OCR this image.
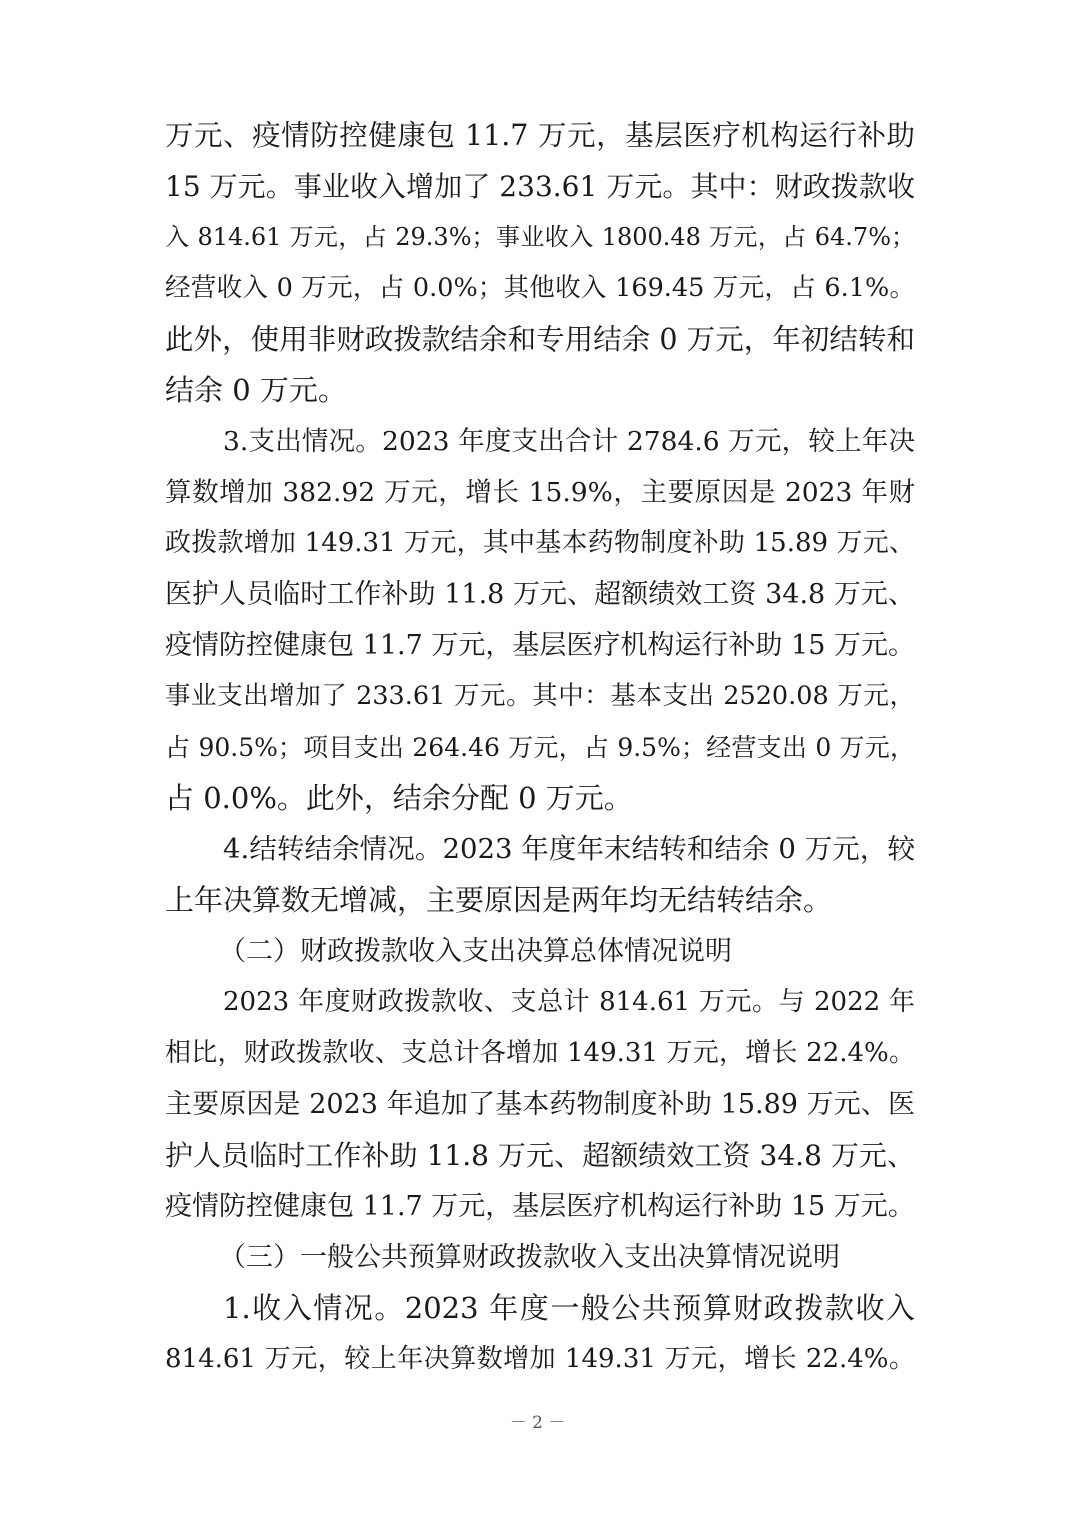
万元、疫情防控健康包 11.7 万元，基层医疗机构运行补助
15 万元。事业收入增加了 233.61 万元。其中：财政拨款收
入 814.61 万元，占 29.3%；事业收入 1800.48 万元，占 64.7%；
经营收入 0 万元，占 0.0%；其他收入 169.45 万元，占 6.1%。
此外，使用非财政拨款结余和专用结余 0 万元，年初结转和
结余 0 万元。
3.支出情况。2023 年度支出合计 2784.6 万元，较上年决
算数增加 382.92 万元，增长 15.9%，主要原因是 2023 年财
政拨款增加 149.31 万元，其中基本药物制度补助 15.89 万元、
医护人员临时工作补助 11.8 万元、超额绩效工资 34.8 万元、
疫情防控健康包 11.7 万元，基层医疗机构运行补助 15 万元。
事业支出增加了 233.61 万元。其中：基本支出 2520.08 万元，
占 90.5%；项目支出 264.46 万元，占 9.5%；经营支出 0 万元，
占 0.0%。此外，结余分配 0 万元。
4.结转结余情况。2023 年度年末结转和结余 0 万元，较
上年决算数无增减，主要原因是两年均无结转结余。
（二）财政拨款收入支出决算总体情况说明
2023 年度财政拨款收、支总计 814.61 万元。与 2022 年
相比，财政拨款收、支总计各增加 149.31 万元，增长 22.4%。
主要原因是 2023 年追加了基本药物制度补助 15.89 万元、医
护人员临时工作补助 11.8 万元、超额绩效工资 34.8 万元、
疫情防控健康包 11.7 万元，基层医疗机构运行补助 15 万元。
（三）一般公共预算财政拨款收入支出决算情况说明
1.收入情况。2023 年度一般公共预算财政拨款收入
814.61 万元，较上年决算数增加 149.31 万元，增长 22.4%。
－ 2 －
